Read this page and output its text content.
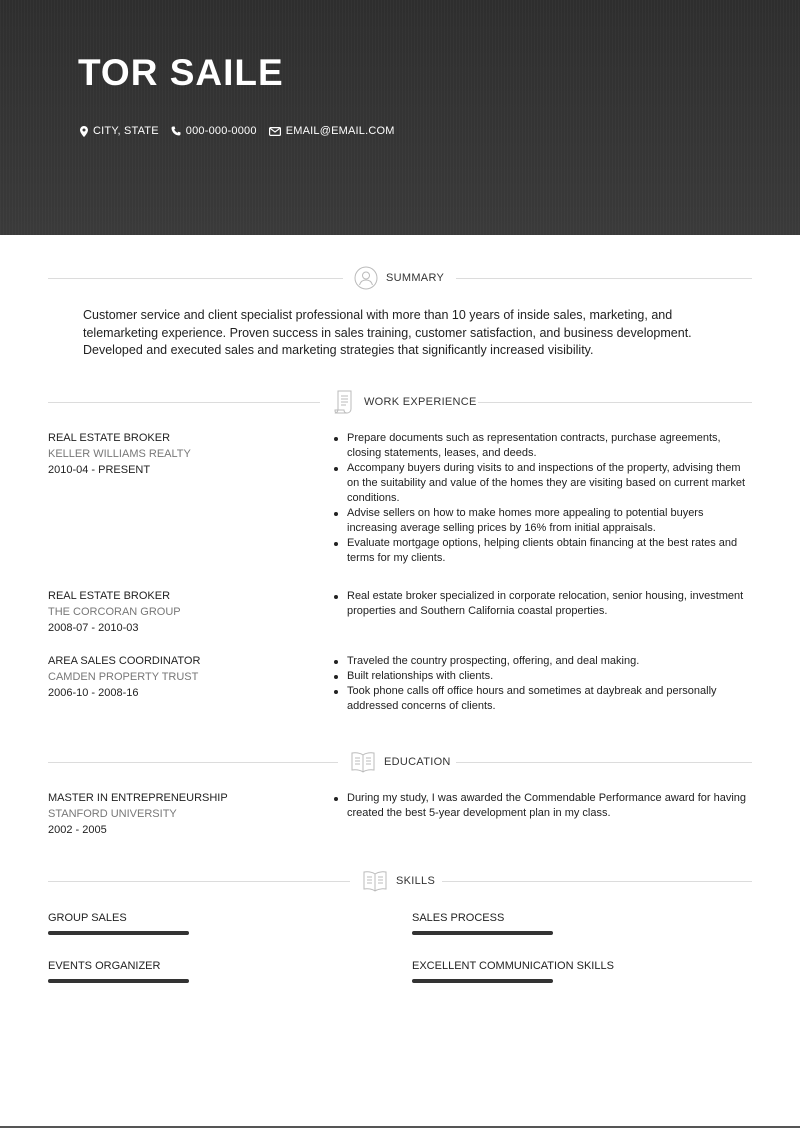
TOR SAILE
CITY, STATE 000-000-0000	EMAIL@EMAIL.COM
SUMMARY
Customer service and client specialist professional with more than 10 years of inside sales, marketing, and
telemarketing experience. Proven success in sales training, customer satisfaction, and business development.
Developed and executed sales and marketing strategies that significantly increased visibility.
WORK EXPERIENCE
REAL ESTATE BROKER
KELLER WILLIAMS REALTY
2010-04 - PRESENT
Prepare documents such as representation contracts, purchase agreements,
closing statements, leases, and deeds.
Accompany buyers during visits to and inspections of the property, advising them
on the suitability and value of the homes they are visiting based on current market
conditions.
Advise sellers on how to make homes more appealing to potential buyers
increasing average selling prices by 16% from initial appraisals.
Evaluate mortgage options, helping clients obtain financing at the best rates and
terms for my clients.
REAL ESTATE BROKER
THE CORCORAN GROUP
2008-07 - 2010-03
Real estate broker specialized in corporate relocation, senior housing, investment
properties and Southern California coastal properties.
AREA SALES COORDINATOR
CAMDEN PROPERTY TRUST
2006-10 - 2008-16
Traveled the country prospecting, offering, and deal making.
Built relationships with clients.
Took phone calls off office hours and sometimes at daybreak and personally
addressed concerns of clients.
EDUCATION
MASTER IN ENTREPRENEURSHIP
STANFORD UNIVERSITY
2002 - 2005
During my study, I was awarded the Commendable Performance award for having
created the best 5-year development plan in my class.
SKILLS
GROUP SALES	SALES PROCESS
EVENTS ORGANIZER	EXCELLENT COMMUNICATION SKILLS
